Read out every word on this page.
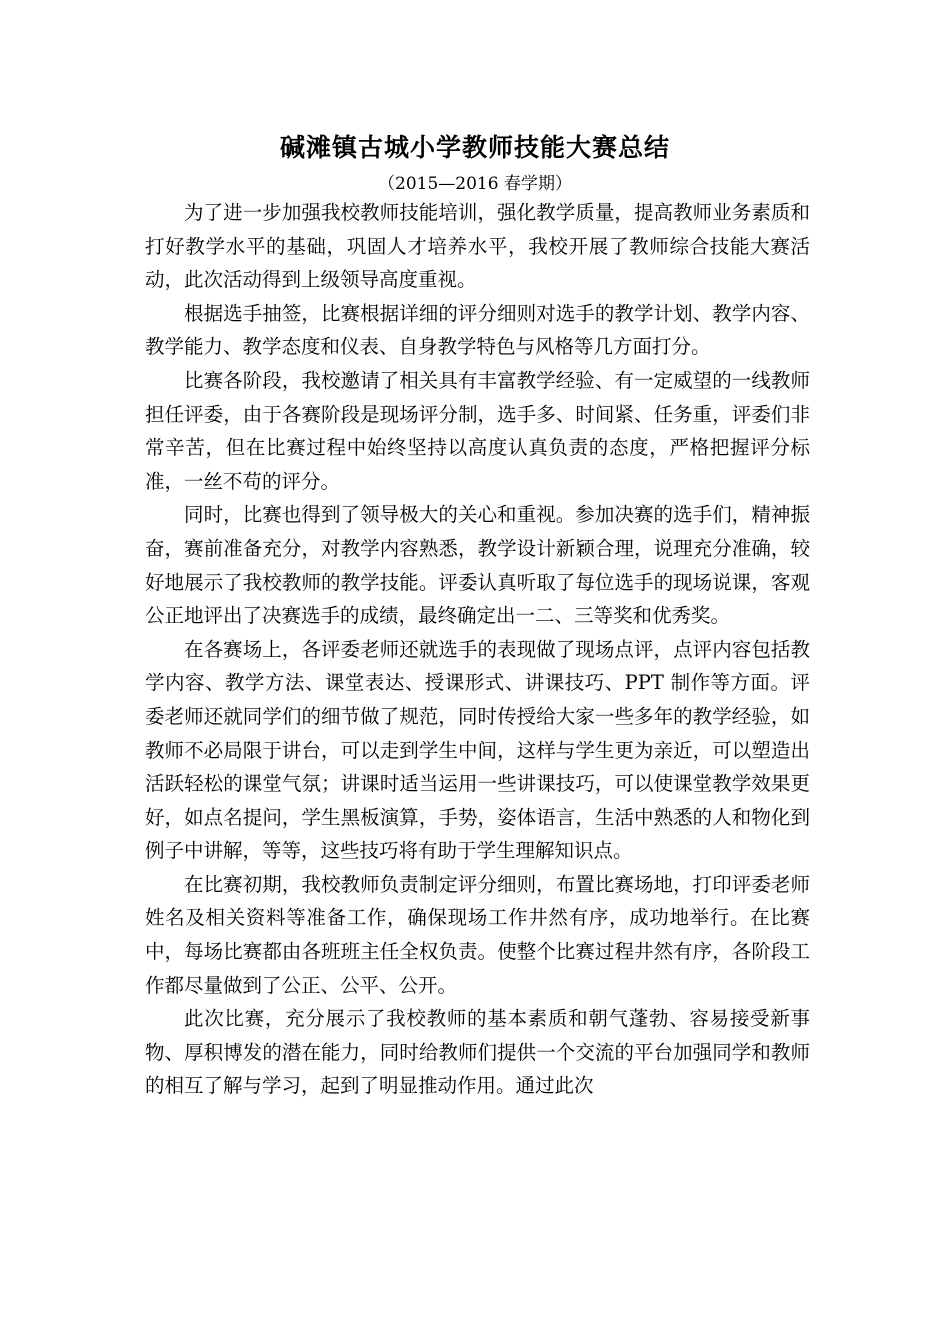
碱滩镇古城小学教师技能大赛总结
（2015—2016 春学期）

为了进一步加强我校教师技能培训，强化教学质量，提高教师业务素质和打好教学水平的基础，巩固人才培养水平，我校开展了教师综合技能大赛活动，此次活动得到上级领导高度重视。

根据选手抽签，比赛根据详细的评分细则对选手的教学计划、教学内容、教学能力、教学态度和仪表、自身教学特色与风格等几方面打分。

比赛各阶段，我校邀请了相关具有丰富教学经验、有一定威望的一线教师担任评委，由于各赛阶段是现场评分制，选手多、时间紧、任务重，评委们非常辛苦，但在比赛过程中始终坚持以高度认真负责的态度，严格把握评分标准，一丝不苟的评分。

同时，比赛也得到了领导极大的关心和重视。参加决赛的选手们，精神振奋，赛前准备充分，对教学内容熟悉，教学设计新颖合理，说理充分准确，较好地展示了我校教师的教学技能。评委认真听取了每位选手的现场说课，客观公正地评出了决赛选手的成绩，最终确定出一二、三等奖和优秀奖。

在各赛场上，各评委老师还就选手的表现做了现场点评，点评内容包括教学内容、教学方法、课堂表达、授课形式、讲课技巧、PPT 制作等方面。评委老师还就同学们的细节做了规范，同时传授给大家一些多年的教学经验，如教师不必局限于讲台，可以走到学生中间，这样与学生更为亲近，可以塑造出活跃轻松的课堂气氛；讲课时适当运用一些讲课技巧，可以使课堂教学效果更好，如点名提问，学生黑板演算，手势，姿体语言，生活中熟悉的人和物化到例子中讲解，等等，这些技巧将有助于学生理解知识点。

在比赛初期，我校教师负责制定评分细则，布置比赛场地，打印评委老师姓名及相关资料等准备工作，确保现场工作井然有序，成功地举行。在比赛中，每场比赛都由各班班主任全权负责。使整个比赛过程井然有序，各阶段工作都尽量做到了公正、公平、公开。

此次比赛，充分展示了我校教师的基本素质和朝气蓬勃、容易接受新事物、厚积博发的潜在能力，同时给教师们提供一个交流的平台加强同学和教师的相互了解与学习，起到了明显推动作用。通过此次
